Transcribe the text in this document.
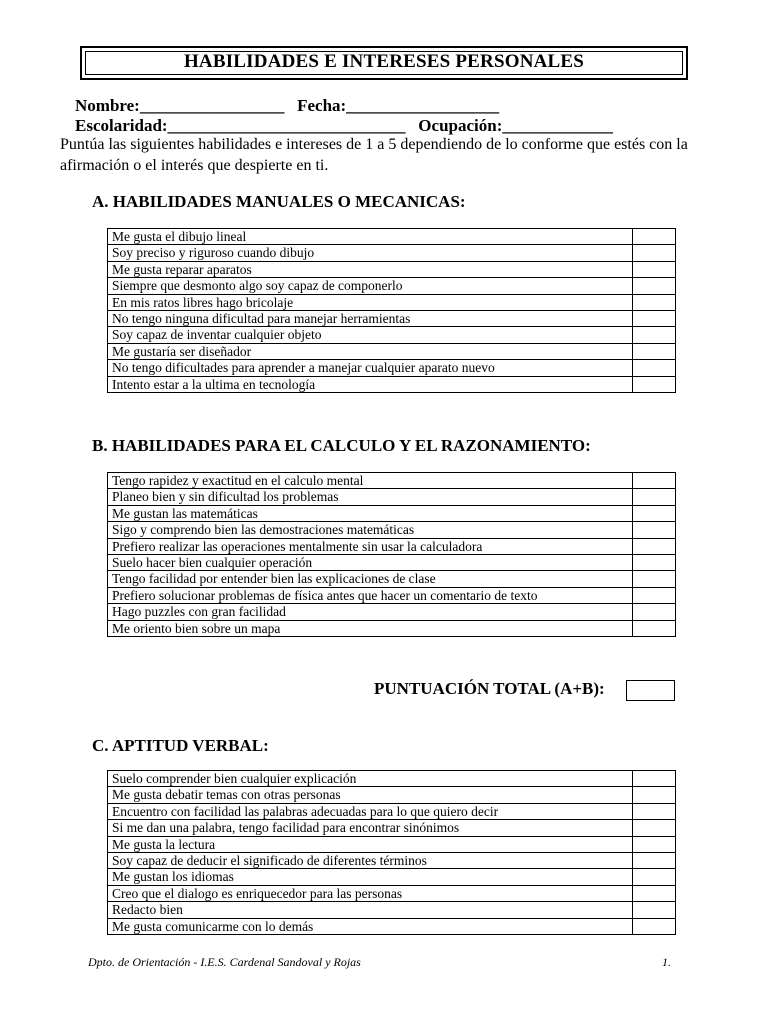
HABILIDADES E INTERESES PERSONALES
Nombre:_________________   Fecha:__________________
Escolaridad:____________________________   Ocupación:_____________
Puntúa las siguientes habilidades e intereses de 1 a 5 dependiendo de lo conforme que estés con la afirmación o el interés que despierte en ti.
A. HABILIDADES MANUALES O MECANICAS:
Me gusta el dibujo lineal	
Soy preciso y riguroso cuando dibujo	
Me gusta reparar aparatos	
Siempre que desmonto algo soy capaz de componerlo	
En mis ratos libres hago bricolaje	
No tengo ninguna dificultad para manejar herramientas	
Soy capaz de inventar cualquier objeto	
Me gustaría ser diseñador	
No tengo dificultades para aprender a manejar cualquier aparato nuevo	
Intento estar a la ultima en tecnología	
B. HABILIDADES PARA EL CALCULO Y EL RAZONAMIENTO:
Tengo rapidez y exactitud en el calculo mental	
Planeo bien y sin dificultad los problemas	
Me gustan las matemáticas	
Sigo y comprendo bien las demostraciones matemáticas	
Prefiero realizar las operaciones mentalmente sin usar la calculadora	
Suelo hacer bien cualquier operación	
Tengo facilidad por entender bien las explicaciones de clase	
Prefiero solucionar problemas de física antes que hacer un comentario de texto	
Hago puzzles con gran facilidad	
Me oriento bien sobre un mapa	
PUNTUACIÓN TOTAL (A+B):
C. APTITUD VERBAL:
Suelo comprender bien cualquier explicación	
Me gusta debatir temas con otras personas	
Encuentro con facilidad las palabras adecuadas para lo que quiero decir	
Si me dan una palabra, tengo facilidad para encontrar sinónimos	
Me gusta la lectura	
Soy capaz de deducir el significado de diferentes términos	
Me gustan los idiomas	
Creo que el dialogo es enriquecedor para las personas	
Redacto bien	
Me gusta comunicarme con lo demás	
Dpto. de Orientación - I.E.S. Cardenal Sandoval y Rojas	1.
